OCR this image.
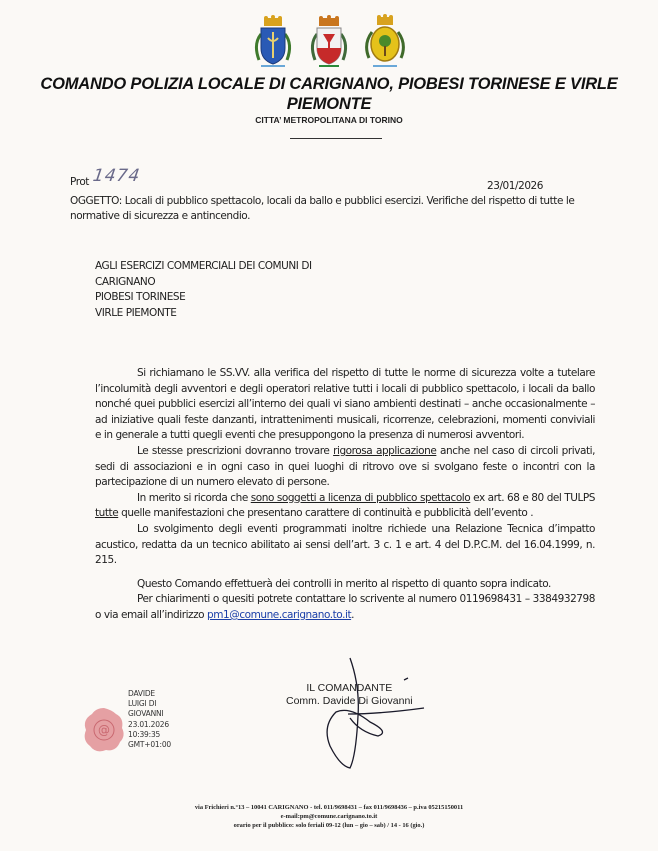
COMANDO POLIZIA LOCALE DI CARIGNANO, PIOBESI TORINESE E VIRLE
PIEMONTE
CITTA’ METROPOLITANA DI TORINO
Prot 1474	23/01/2026
OGGETTO: Locali di pubblico spettacolo, locali da ballo e pubblici esercizi. Verifiche del rispetto di tutte le normative di sicurezza e antincendio.
AGLI ESERCIZI COMMERCIALI DEI COMUNI DI
CARIGNANO
PIOBESI TORINESE
VIRLE PIEMONTE

Si richiamano le SS.VV. alla verifica del rispetto di tutte le norme di sicurezza volte a tutelare l’incolumità degli avventori e degli operatori relative tutti i locali di pubblico spettacolo, i locali da ballo nonché quei pubblici esercizi all’interno dei quali vi siano ambienti destinati – anche occasionalmente – ad iniziative quali feste danzanti, intrattenimenti musicali, ricorrenze, celebrazioni, momenti conviviali e in generale a tutti quegli eventi che presuppongono la presenza di numerosi avventori.

Le stesse prescrizioni dovranno trovare rigorosa applicazione anche nel caso di circoli privati, sedi di associazioni e in ogni caso in quei luoghi di ritrovo ove si svolgano feste o incontri con la partecipazione di un numero elevato di persone.

In merito si ricorda che sono soggetti a licenza di pubblico spettacolo ex art. 68 e 80 del TULPS tutte quelle manifestazioni che presentano carattere di continuità e pubblicità dell’evento .

Lo svolgimento degli eventi programmati inoltre richiede una Relazione Tecnica d’impatto acustico, redatta da un tecnico abilitato ai sensi dell’art. 3 c. 1 e art. 4 del D.P.C.M. del 16.04.1999, n. 215.

Questo Comando effettuerà dei controlli in merito al rispetto di quanto sopra indicato.

Per chiarimenti o quesiti potrete contattare lo scrivente al numero 0119698431 – 3384932798 o via email all’indirizzo pm1@comune.carignano.to.it.

IL COMANDANTE
Comm. Davide Di Giovanni
@
DAVIDE
LUIGI DI
GIOVANNI
23.01.2026
10:39:35
GMT+01:00
via Frichieri n.°13 – 10041 CARIGNANO - tel. 011/9698431 – fax 011/9698436 – p.iva 05215150011
e-mail:pm@comune.carignano.to.it
orario per il pubblico: solo feriali 09-12 (lun – gio – sab) / 14 - 16 (gio.)
